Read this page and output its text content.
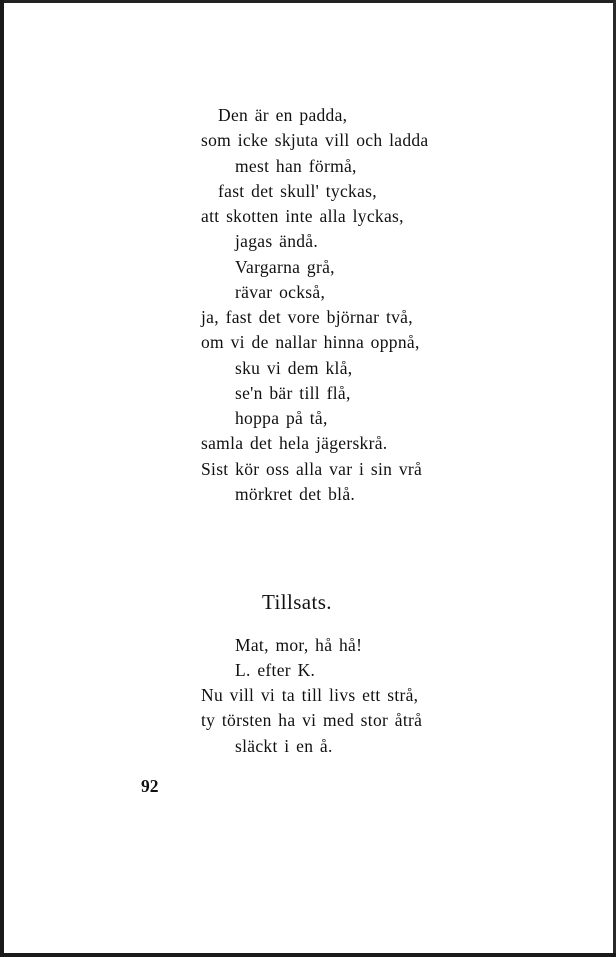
Den är en padda,
som icke skjuta vill och ladda
mest han förmå,
fast det skull' tyckas,
att skotten inte alla lyckas,
jagas ändå.
Vargarna grå,
rävar också,
ja, fast det vore björnar två,
om vi de nallar hinna oppnå,
sku vi dem klå,
se'n bär till flå,
hoppa på tå,
samla det hela jägerskrå.
Sist kör oss alla var i sin vrå
mörkret det blå.
Tillsats.
Mat, mor, hå hå!
L. efter K.
Nu vill vi ta till livs ett strå,
ty törsten ha vi med stor åtrå
släckt i en å.
92
